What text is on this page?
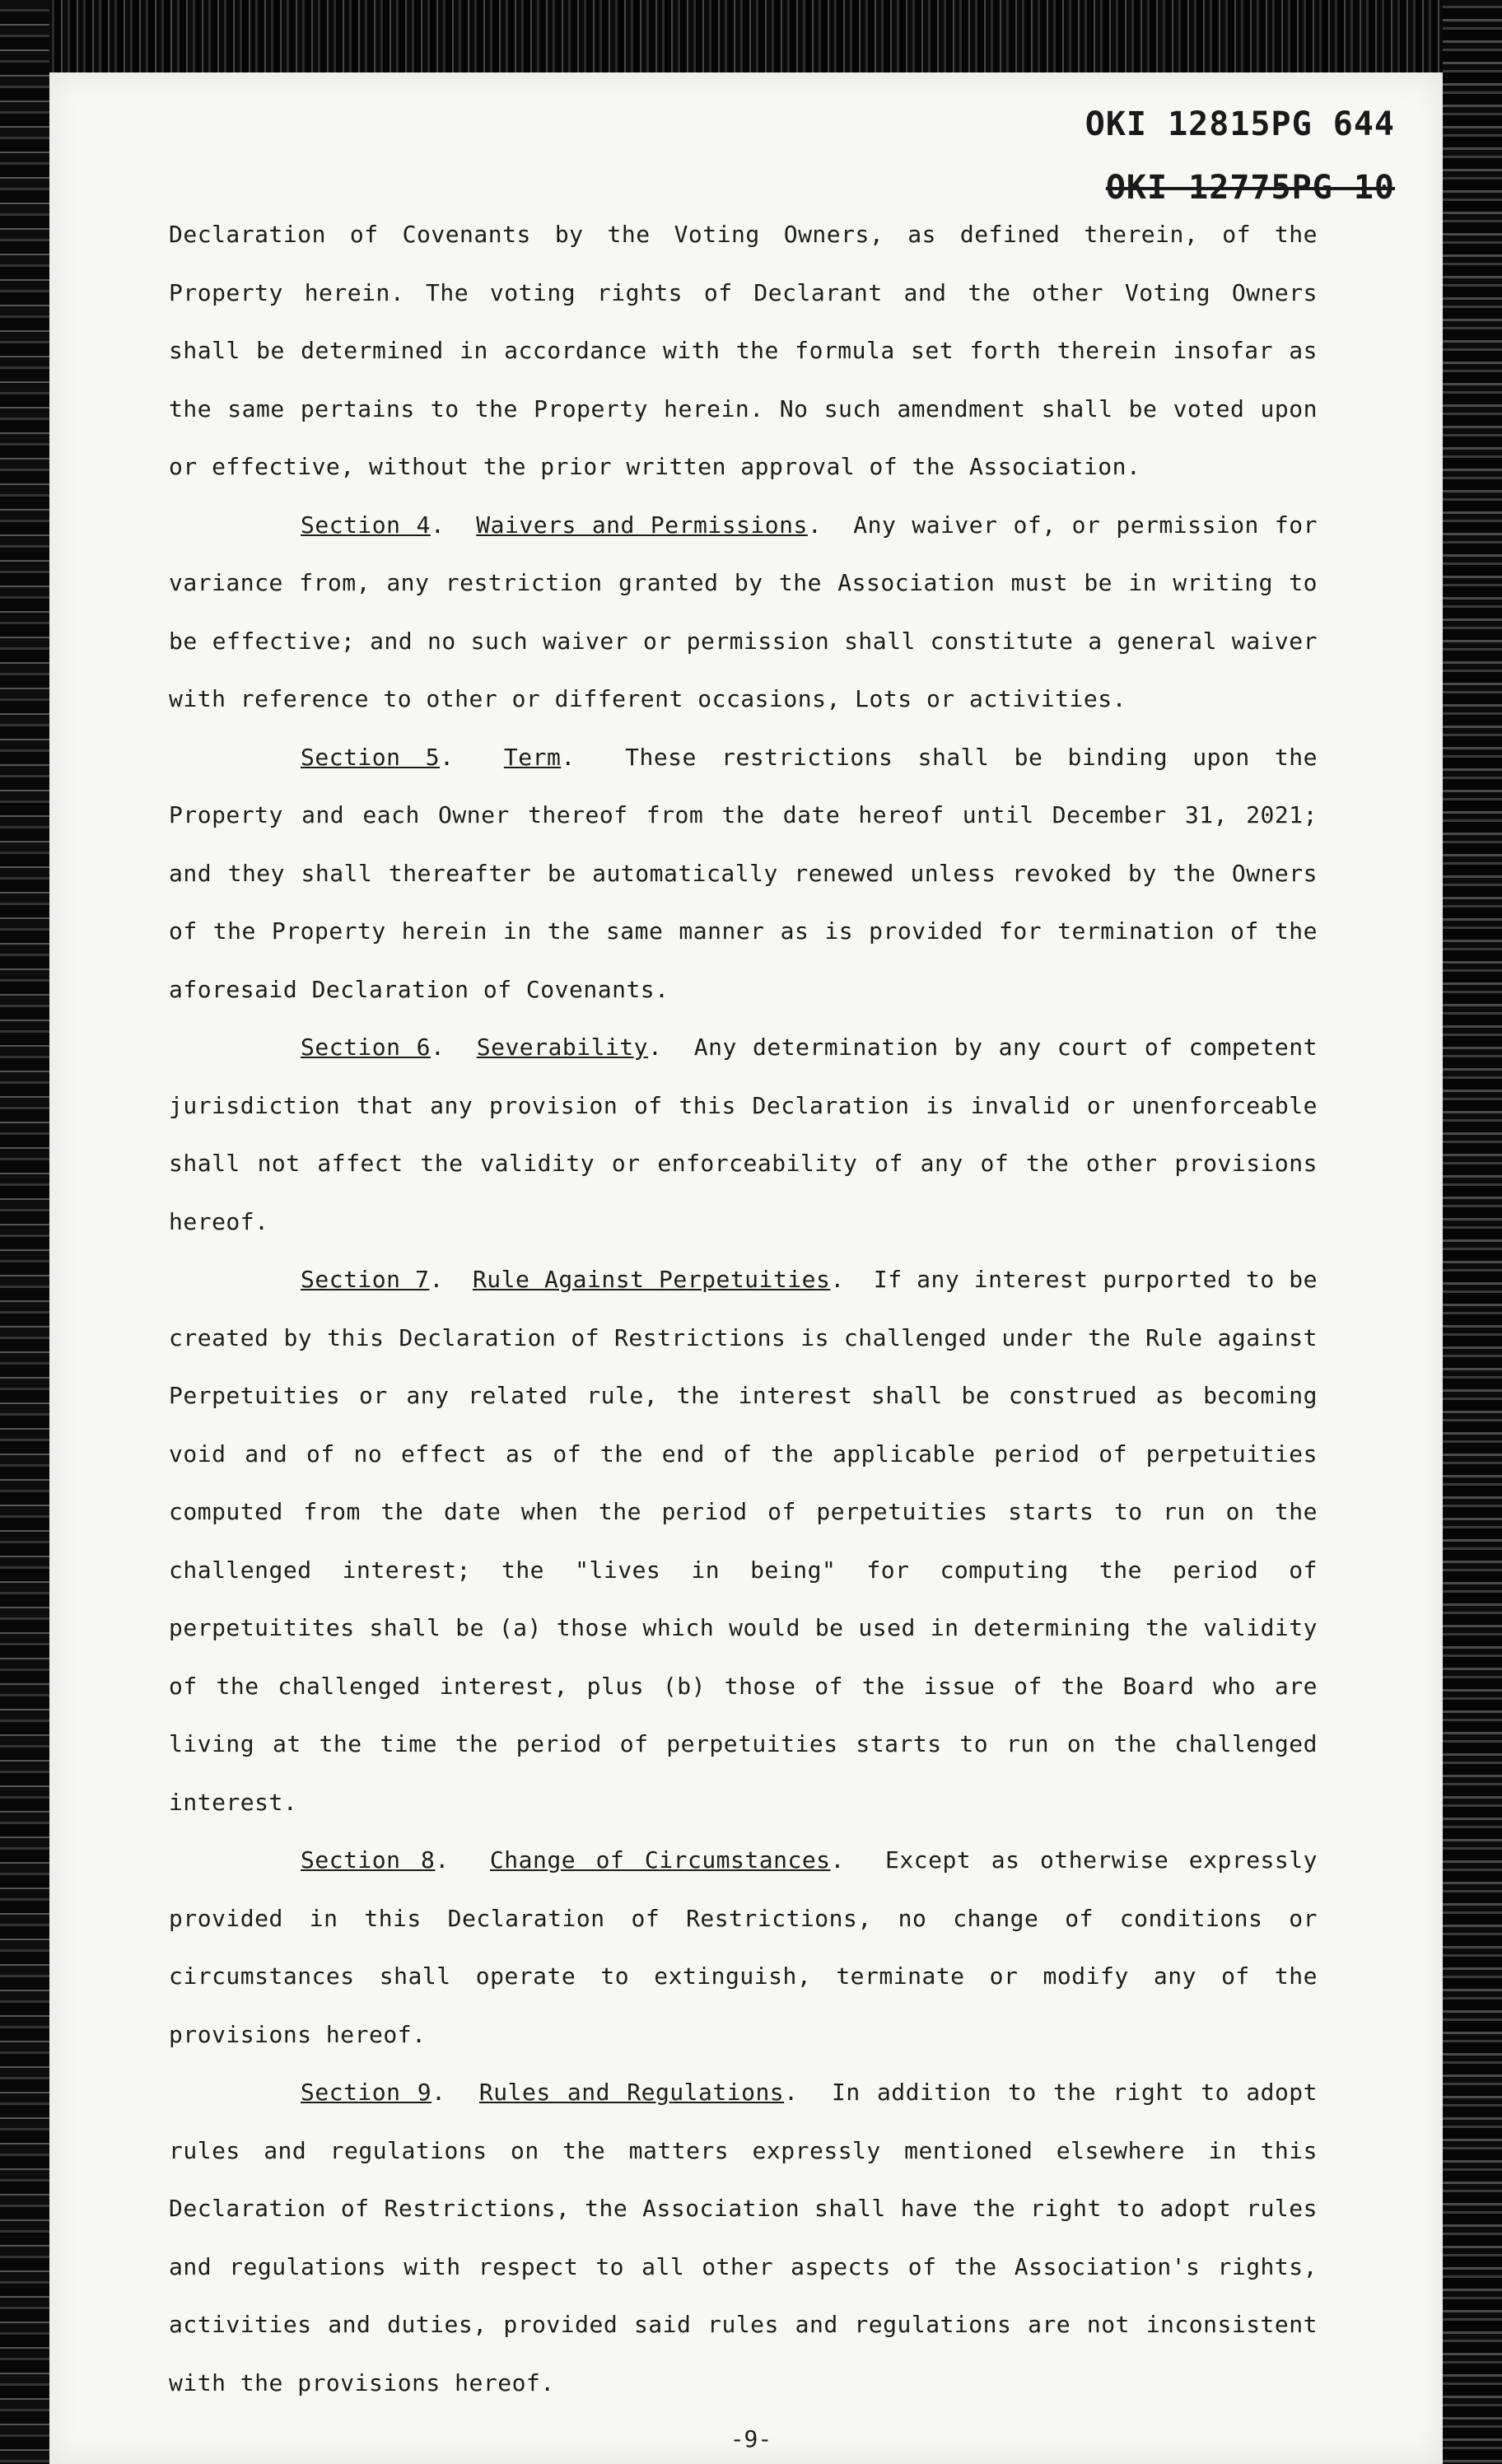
OKI 12815PG 644
OKI 12775PG 10

Declaration of Covenants by the Voting Owners, as defined therein, of the Property herein. The voting rights of Declarant and the other Voting Owners shall be determined in accordance with the formula set forth therein insofar as the same pertains to the Property herein. No such amendment shall be voted upon or effective, without the prior written approval of the Association.

Section 4.  Waivers and Permissions.  Any waiver of, or permission for variance from, any restriction granted by the Association must be in writing to be effective; and no such waiver or permission shall constitute a general waiver with reference to other or different occasions, Lots or activities.

Section 5.  Term.  These restrictions shall be binding upon the Property and each Owner thereof from the date hereof until December 31, 2021; and they shall thereafter be automatically renewed unless revoked by the Owners of the Property herein in the same manner as is provided for termination of the aforesaid Declaration of Covenants.

Section 6.  Severability.  Any determination by any court of competent jurisdiction that any provision of this Declaration is invalid or unenforceable shall not affect the validity or enforceability of any of the other provisions hereof.

Section 7.  Rule Against Perpetuities.  If any interest purported to be created by this Declaration of Restrictions is challenged under the Rule against Perpetuities or any related rule, the interest shall be construed as becoming void and of no effect as of the end of the applicable period of perpetuities computed from the date when the period of perpetuities starts to run on the challenged interest; the "lives in being" for computing the period of perpetuitites shall be (a) those which would be used in determining the validity of the challenged interest, plus (b) those of the issue of the Board who are living at the time the period of perpetuities starts to run on the challenged interest.

Section 8.  Change of Circumstances.  Except as otherwise expressly provided in this Declaration of Restrictions, no change of conditions or circumstances shall operate to extinguish, terminate or modify any of the provisions hereof.

Section 9.  Rules and Regulations.  In addition to the right to adopt rules and regulations on the matters expressly mentioned elsewhere in this Declaration of Restrictions, the Association shall have the right to adopt rules and regulations with respect to all other aspects of the Association's rights, activities and duties, provided said rules and regulations are not inconsistent with the provisions hereof.

-9-
